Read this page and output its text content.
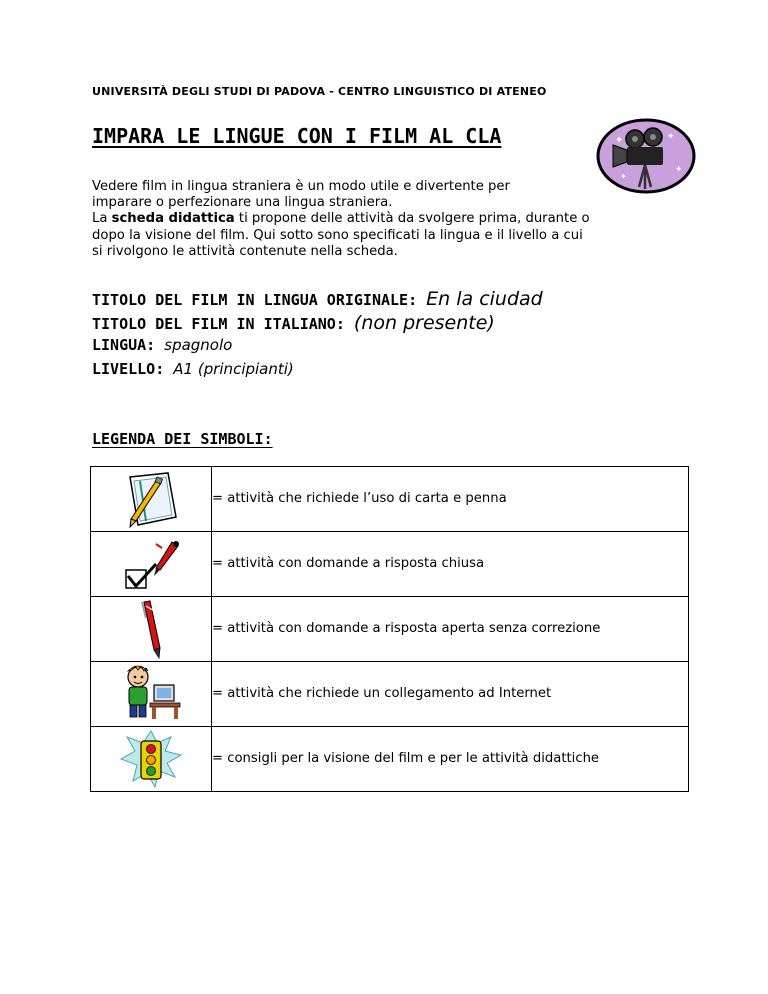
UNIVERSITÀ DEGLI STUDI DI PADOVA - CENTRO LINGUISTICO DI ATENEO
IMPARA LE LINGUE CON I FILM AL CLA	✦	✦
✦
✦

Vedere film in lingua straniera è un modo utile e divertente per
imparare o perfezionare una lingua straniera.
La scheda didattica ti propone delle attività da svolgere prima, durante o
dopo la visione del film. Qui sotto sono specificati la lingua e il livello a cui
si rivolgono le attività contenute nella scheda.

TITOLO DEL FILM IN LINGUA ORIGINALE: En la ciudad
TITOLO DEL FILM IN ITALIANO: (non presente)
LINGUA: spagnolo
LIVELLO: A1 (principianti)
LEGENDA DEI SIMBOLI:
	= attività che richiede l’uso di carta e penna

	= attività con domande a risposta chiusa

	= attività con domande a risposta aperta senza correzione

	= attività che richiede un collegamento ad Internet

	= consigli per la visione del film e per le attività didattiche
